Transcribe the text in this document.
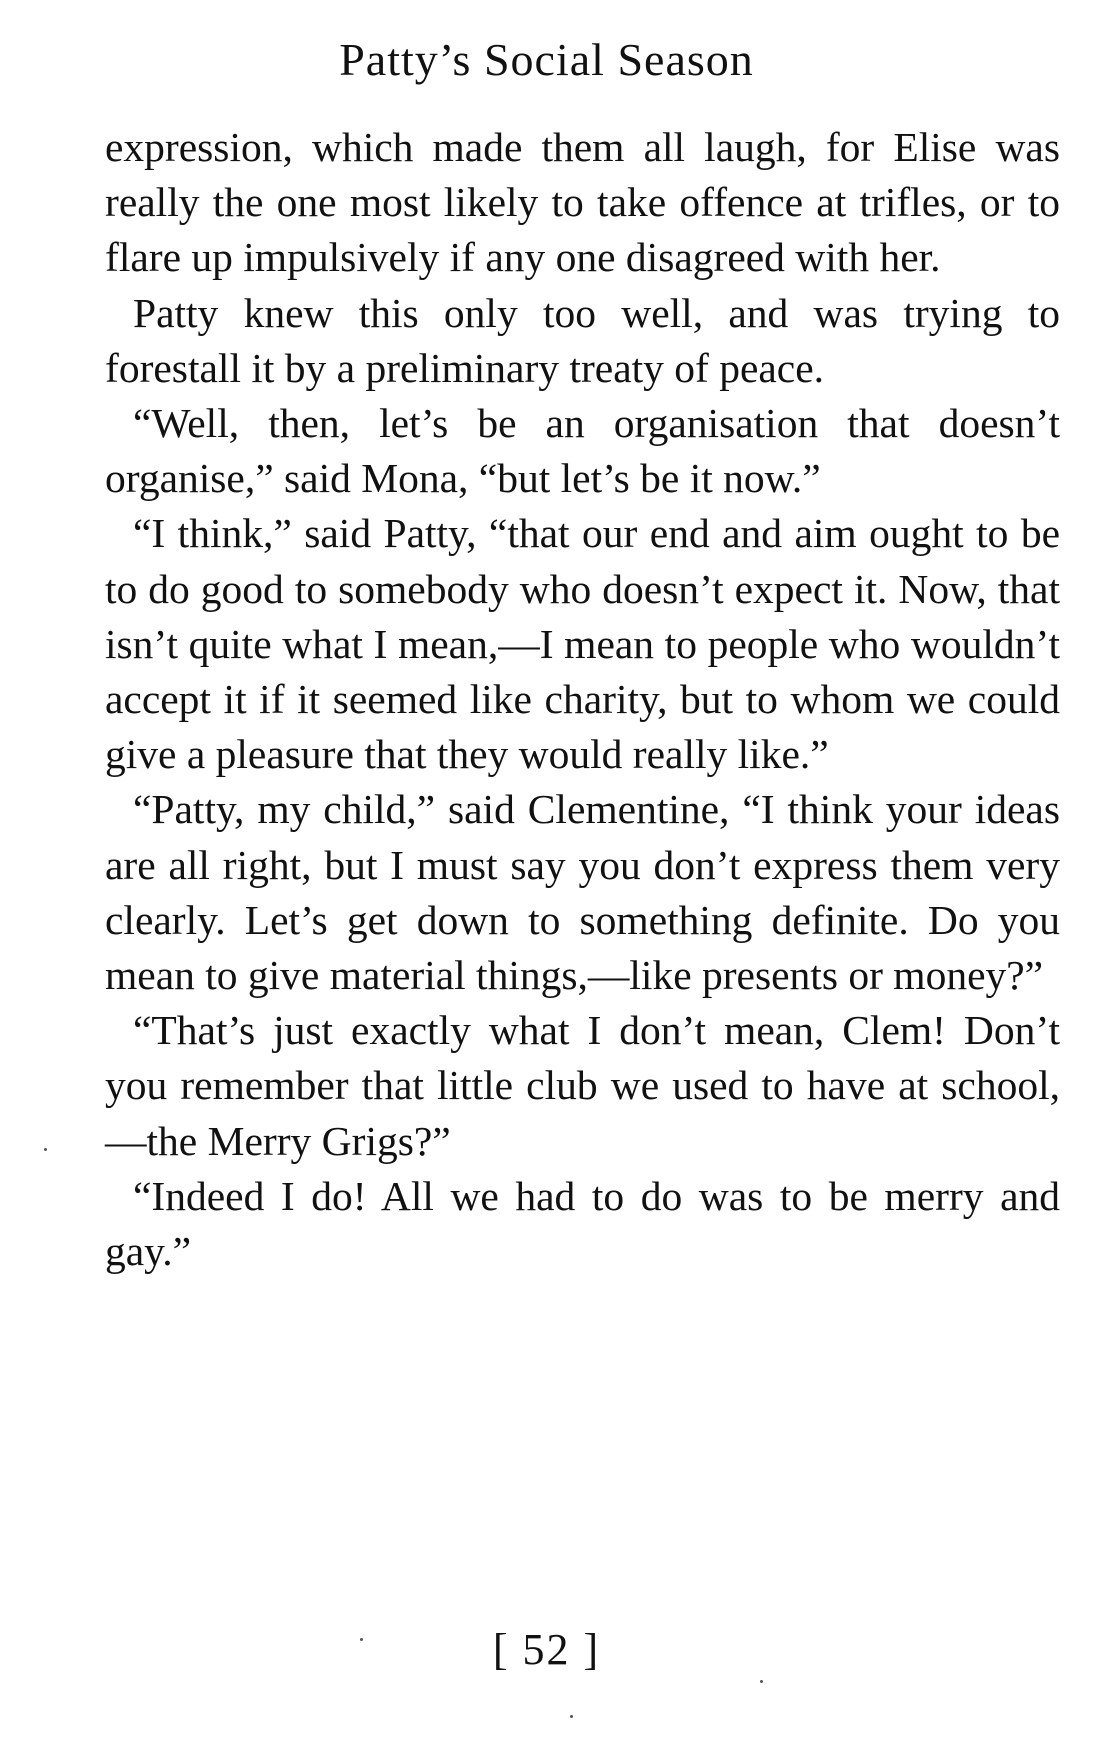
Patty’s Social Season

expression, which made them all laugh, for Elise was really the one most likely to take offence at trifles, or to flare up impulsively if any one disagreed with her.

Patty knew this only too well, and was trying to forestall it by a preliminary treaty of peace.

“Well, then, let’s be an organisation that doesn’t organise,” said Mona, “but let’s be it now.”

“I think,” said Patty, “that our end and aim ought to be to do good to somebody who doesn’t expect it. Now, that isn’t quite what I mean,—I mean to people who wouldn’t accept it if it seemed like charity, but to whom we could give a pleasure that they would really like.”

“Patty, my child,” said Clementine, “I think your ideas are all right, but I must say you don’t express them very clearly. Let’s get down to something definite. Do you mean to give material things,—like presents or money?”

“That’s just exactly what I don’t mean, Clem! Don’t you remember that little club we used to have at school,—the Merry Grigs?”

“Indeed I do! All we had to do was to be merry and gay.”

[ 52 ]
